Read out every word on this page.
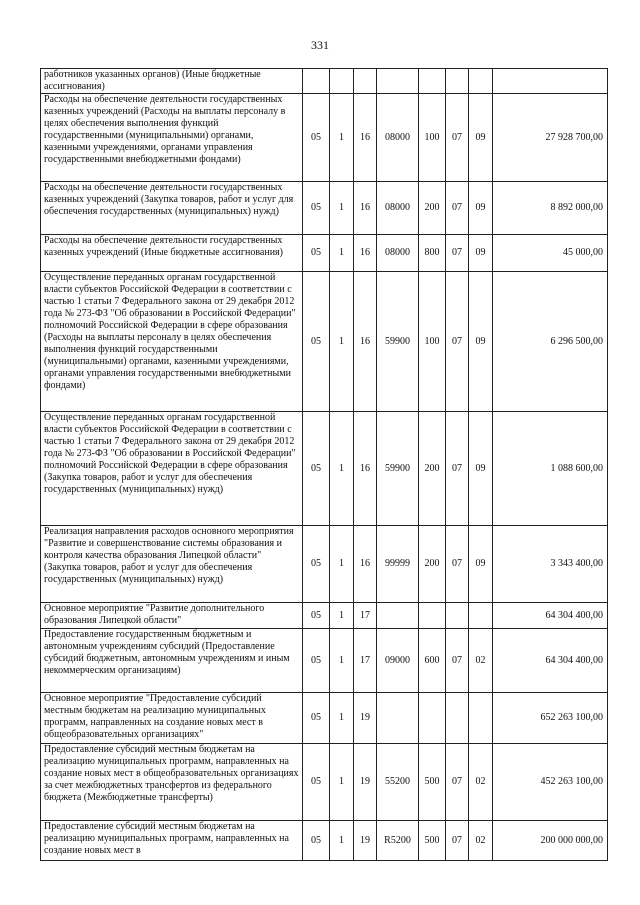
331
работников указанных органов) (Иные бюджетные ассигнования)								
Расходы на обеспечение деятельности государственных казенных учреждений (Расходы на выплаты персоналу в целях обеспечения выполнения функций государственными (муниципальными) органами, казенными учреждениями, органами управления государственными внебюджетными фондами)	05	1	16	08000	100	07	09	27 928 700,00
Расходы на обеспечение деятельности государственных казенных учреждений (Закупка товаров, работ и услуг для обеспечения государственных (муниципальных) нужд)	05	1	16	08000	200	07	09	8 892 000,00
Расходы на обеспечение деятельности государственных казенных учреждений (Иные бюджетные ассигнования)	05	1	16	08000	800	07	09	45 000,00
Осуществление переданных органам государственной власти субъектов Российской Федерации в соответствии с частью 1 статьи 7 Федерального закона от 29 декабря 2012 года № 273-ФЗ "Об образовании в Российской Федерации" полномочий Российской Федерации в сфере образования (Расходы на выплаты персоналу в целях обеспечения выполнения функций государственными (муниципальными) органами, казенными учреждениями, органами управления государственными внебюджетными фондами)	05	1	16	59900	100	07	09	6 296 500,00
Осуществление переданных органам государственной власти субъектов Российской Федерации в соответствии с частью 1 статьи 7 Федерального закона от 29 декабря 2012 года № 273-ФЗ "Об образовании в Российской Федерации" полномочий Российской Федерации в сфере образования (Закупка товаров, работ и услуг для обеспечения государственных (муниципальных) нужд)	05	1	16	59900	200	07	09	1 088 600,00
Реализация направления расходов основного мероприятия "Развитие и совершенствование системы образования и контроля качества образования Липецкой области" (Закупка товаров, работ и услуг для обеспечения государственных (муниципальных) нужд)	05	1	16	99999	200	07	09	3 343 400,00
Основное мероприятие "Развитие дополнительного образования Липецкой области"	05	1	17					64 304 400,00
Предоставление государственным бюджетным и автономным учреждениям субсидий (Предоставление субсидий бюджетным, автономным учреждениям и иным некоммерческим организациям)	05	1	17	09000	600	07	02	64 304 400,00
Основное мероприятие "Предоставление субсидий местным бюджетам на реализацию муниципальных программ, направленных на создание новых мест в общеобразовательных организациях"	05	1	19					652 263 100,00
Предоставление субсидий местным бюджетам на реализацию муниципальных программ, направленных на создание новых мест в общеобразовательных организациях за счет межбюджетных трансфертов из федерального бюджета (Межбюджетные трансферты)	05	1	19	55200	500	07	02	452 263 100,00
Предоставление субсидий местным бюджетам на реализацию муниципальных программ, направленных на создание новых мест в	05	1	19	R5200	500	07	02	200 000 000,00
